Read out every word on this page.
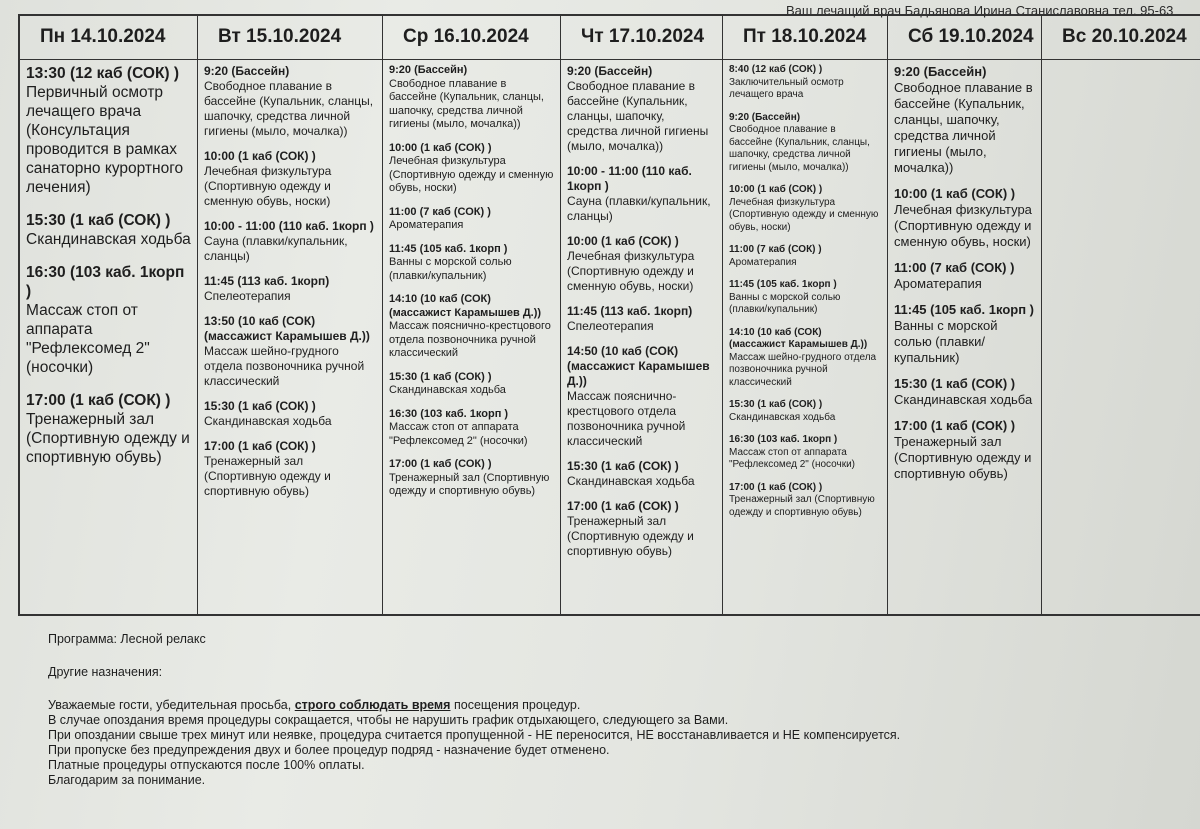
Ваш лечащий врач Бадьянова Ирина Станиславовна тел. 95-63
Пн 14.10.2024
13:30 (12 каб (СОК) )
Первичный осмотр лечащего врача (Консультация проводится в рамках санаторно курортного лечения)
15:30 (1 каб (СОК) )
Скандинавская ходьба
16:30 (103 каб. 1корп )
Массаж стоп от аппарата "Рефлексомед 2" (носочки)
17:00 (1 каб (СОК) )
Тренажерный зал (Спортивную одежду и спортивную обувь)
Вт 15.10.2024
9:20 (Бассейн)
Свободное плавание в бассейне (Купальник, сланцы, шапочку, средства личной гигиены (мыло, мочалка))
10:00 (1 каб (СОК) )
Лечебная физкультура (Спортивную одежду и сменную обувь, носки)
10:00 - 11:00 (110 каб. 1корп )
Сауна (плавки/купальник, сланцы)
11:45 (113 каб. 1корп)
Спелеотерапия
13:50 (10 каб (СОК) (массажист Карамышев Д.))
Массаж шейно-грудного отдела позвоночника ручной классический
15:30 (1 каб (СОК) )
Скандинавская ходьба
17:00 (1 каб (СОК) )
Тренажерный зал (Спортивную одежду и спортивную обувь)
Ср 16.10.2024
9:20 (Бассейн)
Свободное плавание в бассейне (Купальник, сланцы, шапочку, средства личной гигиены (мыло, мочалка))
10:00 (1 каб (СОК) )
Лечебная физкультура (Спортивную одежду и сменную обувь, носки)
11:00 (7 каб (СОК) )
Ароматерапия
11:45 (105 каб. 1корп )
Ванны с морской солью (плавки/купальник)
14:10 (10 каб (СОК) (массажист Карамышев Д.))
Массаж пояснично-крестцового отдела позвоночника ручной классический
15:30 (1 каб (СОК) )
Скандинавская ходьба
16:30 (103 каб. 1корп )
Массаж стоп от аппарата "Рефлексомед 2" (носочки)
17:00 (1 каб (СОК) )
Тренажерный зал (Спортивную одежду и спортивную обувь)
Чт 17.10.2024
9:20 (Бассейн)
Свободное плавание в бассейне (Купальник, сланцы, шапочку, средства личной гигиены (мыло, мочалка))
10:00 - 11:00 (110 каб. 1корп )
Сауна (плавки/купальник, сланцы)
10:00 (1 каб (СОК) )
Лечебная физкультура (Спортивную одежду и сменную обувь, носки)
11:45 (113 каб. 1корп)
Спелеотерапия
14:50 (10 каб (СОК) (массажист Карамышев Д.))
Массаж пояснично-крестцового отдела позвоночника ручной классический
15:30 (1 каб (СОК) )
Скандинавская ходьба
17:00 (1 каб (СОК) )
Тренажерный зал (Спортивную одежду и спортивную обувь)
Пт 18.10.2024
8:40 (12 каб (СОК) )
Заключительный осмотр лечащего врача
9:20 (Бассейн)
Свободное плавание в бассейне (Купальник, сланцы, шапочку, средства личной гигиены (мыло, мочалка))
10:00 (1 каб (СОК) )
Лечебная физкультура (Спортивную одежду и сменную обувь, носки)
11:00 (7 каб (СОК) )
Ароматерапия
11:45 (105 каб. 1корп )
Ванны с морской солью (плавки/купальник)
14:10 (10 каб (СОК) (массажист Карамышев Д.))
Массаж шейно-грудного отдела позвоночника ручной классический
15:30 (1 каб (СОК) )
Скандинавская ходьба
16:30 (103 каб. 1корп )
Массаж стоп от аппарата "Рефлексомед 2" (носочки)
17:00 (1 каб (СОК) )
Тренажерный зал (Спортивную одежду и спортивную обувь)
Сб 19.10.2024
9:20 (Бассейн)
Свободное плавание в бассейне (Купальник, сланцы, шапочку, средства личной гигиены (мыло, мочалка))
10:00 (1 каб (СОК) )
Лечебная физкультура (Спортивную одежду и сменную обувь, носки)
11:00 (7 каб (СОК) )
Ароматерапия
11:45 (105 каб. 1корп )
Ванны с морской солью (плавки/купальник)
15:30 (1 каб (СОК) )
Скандинавская ходьба
17:00 (1 каб (СОК) )
Тренажерный зал (Спортивную одежду и спортивную обувь)
Вс 20.10.2024

Программа: Лесной релакс

Другие назначения:

Уважаемые гости, убедительная просьба, строго соблюдать время посещения процедур.

В случае опоздания время процедуры сокращается, чтобы не нарушить график отдыхающего, следующего за Вами.

При опоздании свыше трех минут или неявке, процедура считается пропущенной - НЕ переносится, НЕ восстанавливается и НЕ компенсируется.

При пропуске без предупреждения двух и более процедур подряд - назначение будет отменено.

Платные процедуры отпускаются после 100% оплаты.

Благодарим за понимание.
